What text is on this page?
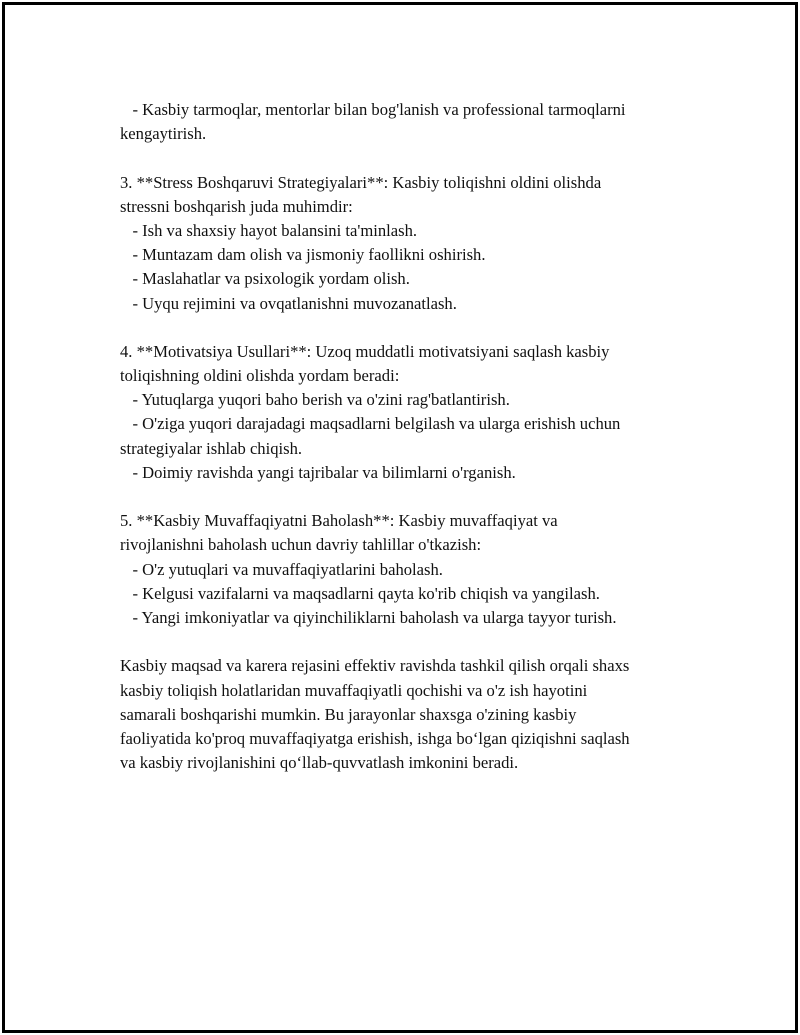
- Kasbiy tarmoqlar, mentorlar bilan bog'lanish va professional tarmoqlarni
kengaytirish.
3. **Stress Boshqaruvi Strategiyalari**: Kasbiy toliqishni oldini olishda
stressni boshqarish juda muhimdir:
- Ish va shaxsiy hayot balansini ta'minlash.
- Muntazam dam olish va jismoniy faollikni oshirish.
- Maslahatlar va psixologik yordam olish.
- Uyqu rejimini va ovqatlanishni muvozanatlash.
4. **Motivatsiya Usullari**: Uzoq muddatli motivatsiyani saqlash kasbiy
toliqishning oldini olishda yordam beradi:
- Yutuqlarga yuqori baho berish va o'zini rag'batlantirish.
- O'ziga yuqori darajadagi maqsadlarni belgilash va ularga erishish uchun
strategiyalar ishlab chiqish.
- Doimiy ravishda yangi tajribalar va bilimlarni o'rganish.
5. **Kasbiy Muvaffaqiyatni Baholash**: Kasbiy muvaffaqiyat va
rivojlanishni baholash uchun davriy tahlillar o'tkazish:
- O'z yutuqlari va muvaffaqiyatlarini baholash.
- Kelgusi vazifalarni va maqsadlarni qayta ko'rib chiqish va yangilash.
- Yangi imkoniyatlar va qiyinchiliklarni baholash va ularga tayyor turish.
Kasbiy maqsad va karera rejasini effektiv ravishda tashkil qilish orqali shaxs
kasbiy toliqish holatlaridan muvaffaqiyatli qochishi va o'z ish hayotini
samarali boshqarishi mumkin. Bu jarayonlar shaxsga o'zining kasbiy
faoliyatida ko'proq muvaffaqiyatga erishish, ishga bo‘lgan qiziqishni saqlash
va kasbiy rivojlanishini qo‘llab-quvvatlash imkonini beradi.
